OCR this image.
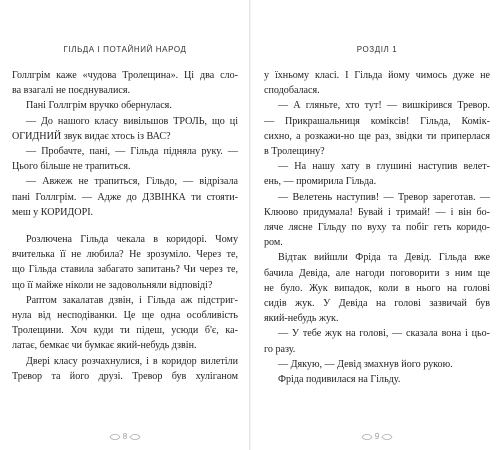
ГІЛЬДА І ПОТАЙНИЙ НАРОД
Голлгрім каже «чудова Тролещина». Ці два сло-
ва взагалі не поєднувалися.
Пані Голлгрім вручко обернулася.
— До нашого класу вивільшов ТРОЛЬ, що ці
ОГИДНИЙ звук видає хтось із ВАС?
— Пробачте, пані, — Гільда підняла руку. —
Цього більше не трапиться.
— Авжеж не трапиться, Гільдо, — відрізала
пані Голлгрім. — Адже до ДЗВІНКА ти стояти-
меш у КОРИДОРІ.
Розлючена Гільда чекала в коридорі. Чому
вчителька її не любила? Не зрозуміло. Через те,
що Гільда ставила забагато запитань? Чи через те,
що її майже ніколи не задовольняли відповіді?
Раптом закалатав дзвін, і Гільда аж підстриг-
нула від несподіванки. Це ще одна особливість
Тролещини. Хоч куди ти підеш, усюди б'є, ка-
латає, бемкає чи бумкає який-небудь дзвін.
Двері класу розчахнулися, і в коридор вилетіли
Тревор та його друзі. Тревор був хуліганом
8
РОЗДІЛ 1
у їхньому класі. І Гільда йому чимось дуже не
сподобалася.
— А гляньте, хто тут! — вишкірився Тревор.
— Прикрашальниця коміксів! Гільда, Комік-
сихно, а розкажи-но ще раз, звідки ти приперлася
в Тролещину?
— На нашу хату в глушині наступив велет-
ень, — промирила Гільда.
— Велетень наступив! — Тревор зареготав. —
Клюово придумала! Бувай і тримай! — і він бо-
ляче лясне Гільду по вуху та побіг геть коридо-
ром.
Відтак вийшли Фріда та Девід. Гільда вже
бачила Девіда, але нагоди поговорити з ним ще
не було. Жук випадок, коли в нього на голові
сидів жук. У Девіда на голові зазвичай був
який-небудь жук.
— У тебе жук на голові, — сказала вона і цьо-
го разу.
— Дякую, — Девід змахнув його рукою.
Фріда подивилася на Гільду.
9
